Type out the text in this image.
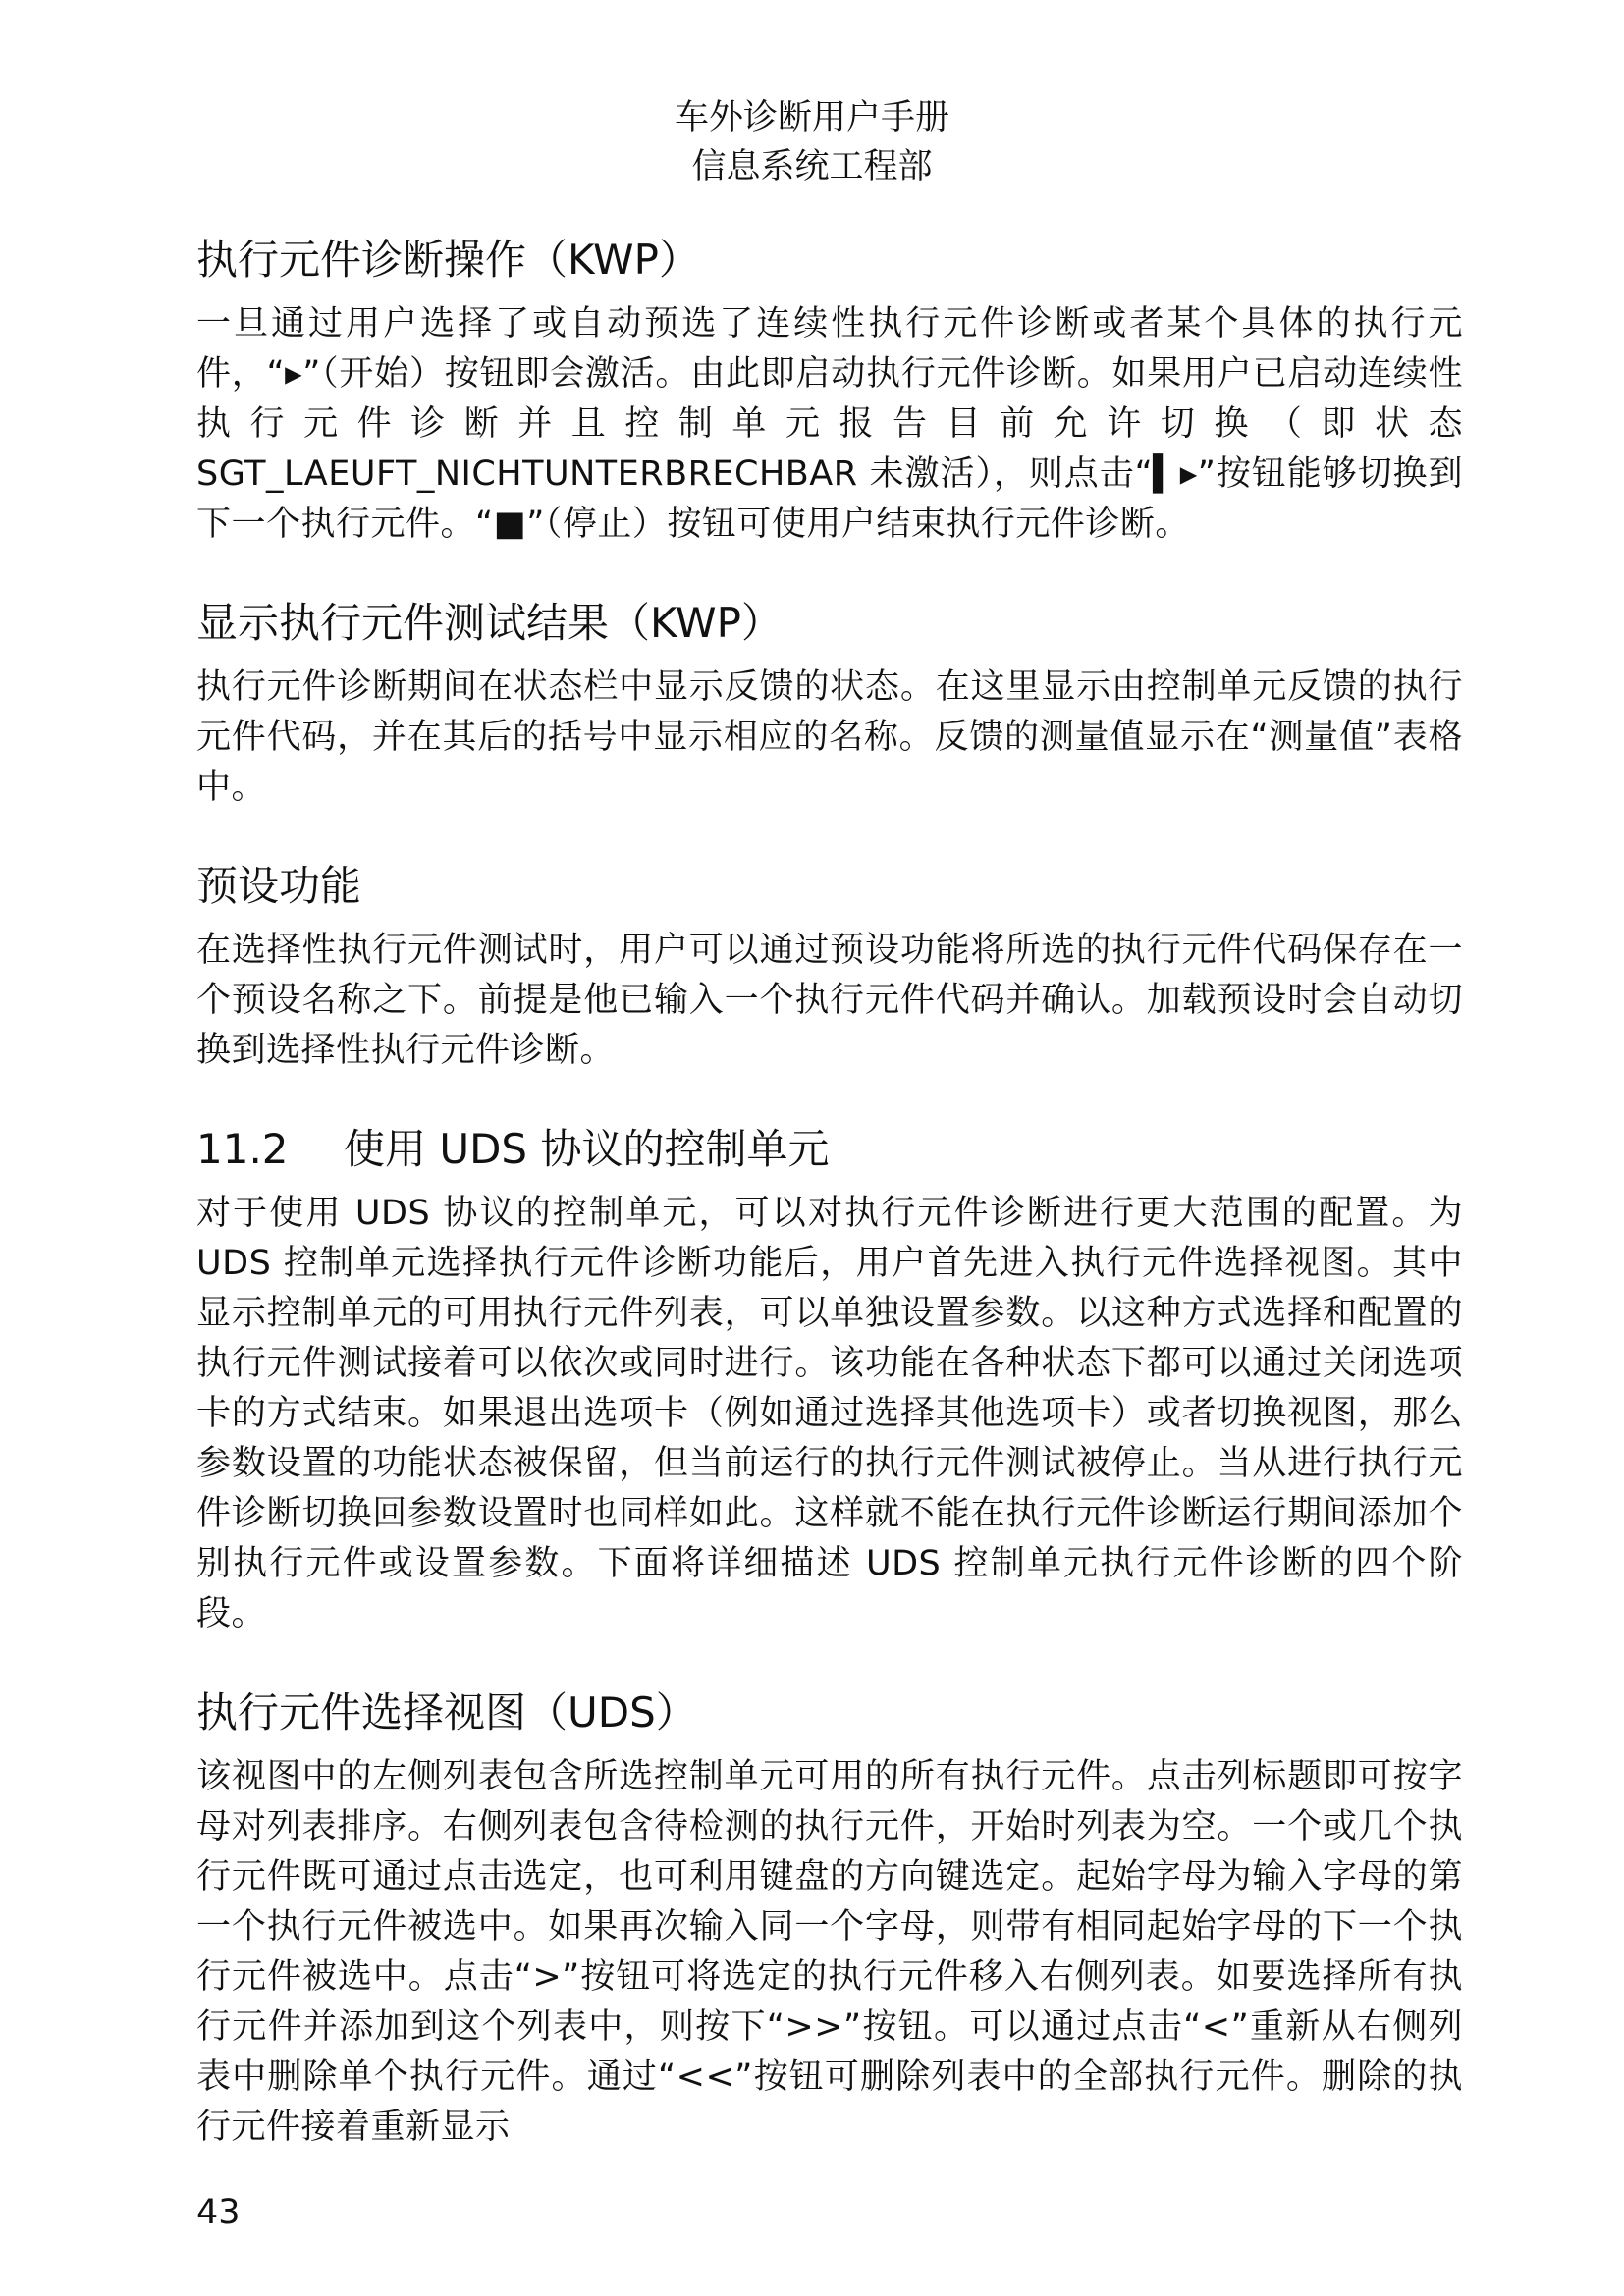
车外诊断用户手册
信息系统工程部
执行元件诊断操作（KWP）

一旦通过用户选择了或自动预选了连续性执行元件诊断或者某个具体的执行元件，“▸”（开始）按钮即会激活。由此即启动执行元件诊断。如果用户已启动连续性执行元件诊断并且控制单元报告目前允许切换（即状态SGT_LAEUFT_NICHTUNTERBRECHBAR 未激活），则点击“▍▸”按钮能够切换到下一个执行元件。“■”（停止）按钮可使用户结束执行元件诊断。

显示执行元件测试结果（KWP）

执行元件诊断期间在状态栏中显示反馈的状态。在这里显示由控制单元反馈的执行元件代码，并在其后的括号中显示相应的名称。反馈的测量值显示在“测量值”表格中。

预设功能

在选择性执行元件测试时，用户可以通过预设功能将所选的执行元件代码保存在一个预设名称之下。前提是他已输入一个执行元件代码并确认。加载预设时会自动切换到选择性执行元件诊断。

11.2 使用 UDS 协议的控制单元

对于使用 UDS 协议的控制单元，可以对执行元件诊断进行更大范围的配置。为 UDS 控制单元选择执行元件诊断功能后，用户首先进入执行元件选择视图。其中显示控制单元的可用执行元件列表，可以单独设置参数。以这种方式选择和配置的执行元件测试接着可以依次或同时进行。该功能在各种状态下都可以通过关闭选项卡的方式结束。如果退出选项卡（例如通过选择其他选项卡）或者切换视图，那么参数设置的功能状态被保留，但当前运行的执行元件测试被停止。当从进行执行元件诊断切换回参数设置时也同样如此。这样就不能在执行元件诊断运行期间添加个别执行元件或设置参数。下面将详细描述 UDS 控制单元执行元件诊断的四个阶段。

执行元件选择视图（UDS）

该视图中的左侧列表包含所选控制单元可用的所有执行元件。点击列标题即可按字母对列表排序。右侧列表包含待检测的执行元件，开始时列表为空。一个或几个执行元件既可通过点击选定，也可利用键盘的方向键选定。起始字母为输入字母的第一个执行元件被选中。如果再次输入同一个字母，则带有相同起始字母的下一个执行元件被选中。点击“>”按钮可将选定的执行元件移入右侧列表。如要选择所有执行元件并添加到这个列表中，则按下“>>”按钮。可以通过点击“<”重新从右侧列表中删除单个执行元件。通过“<<”按钮可删除列表中的全部执行元件。删除的执行元件接着重新显示

43
